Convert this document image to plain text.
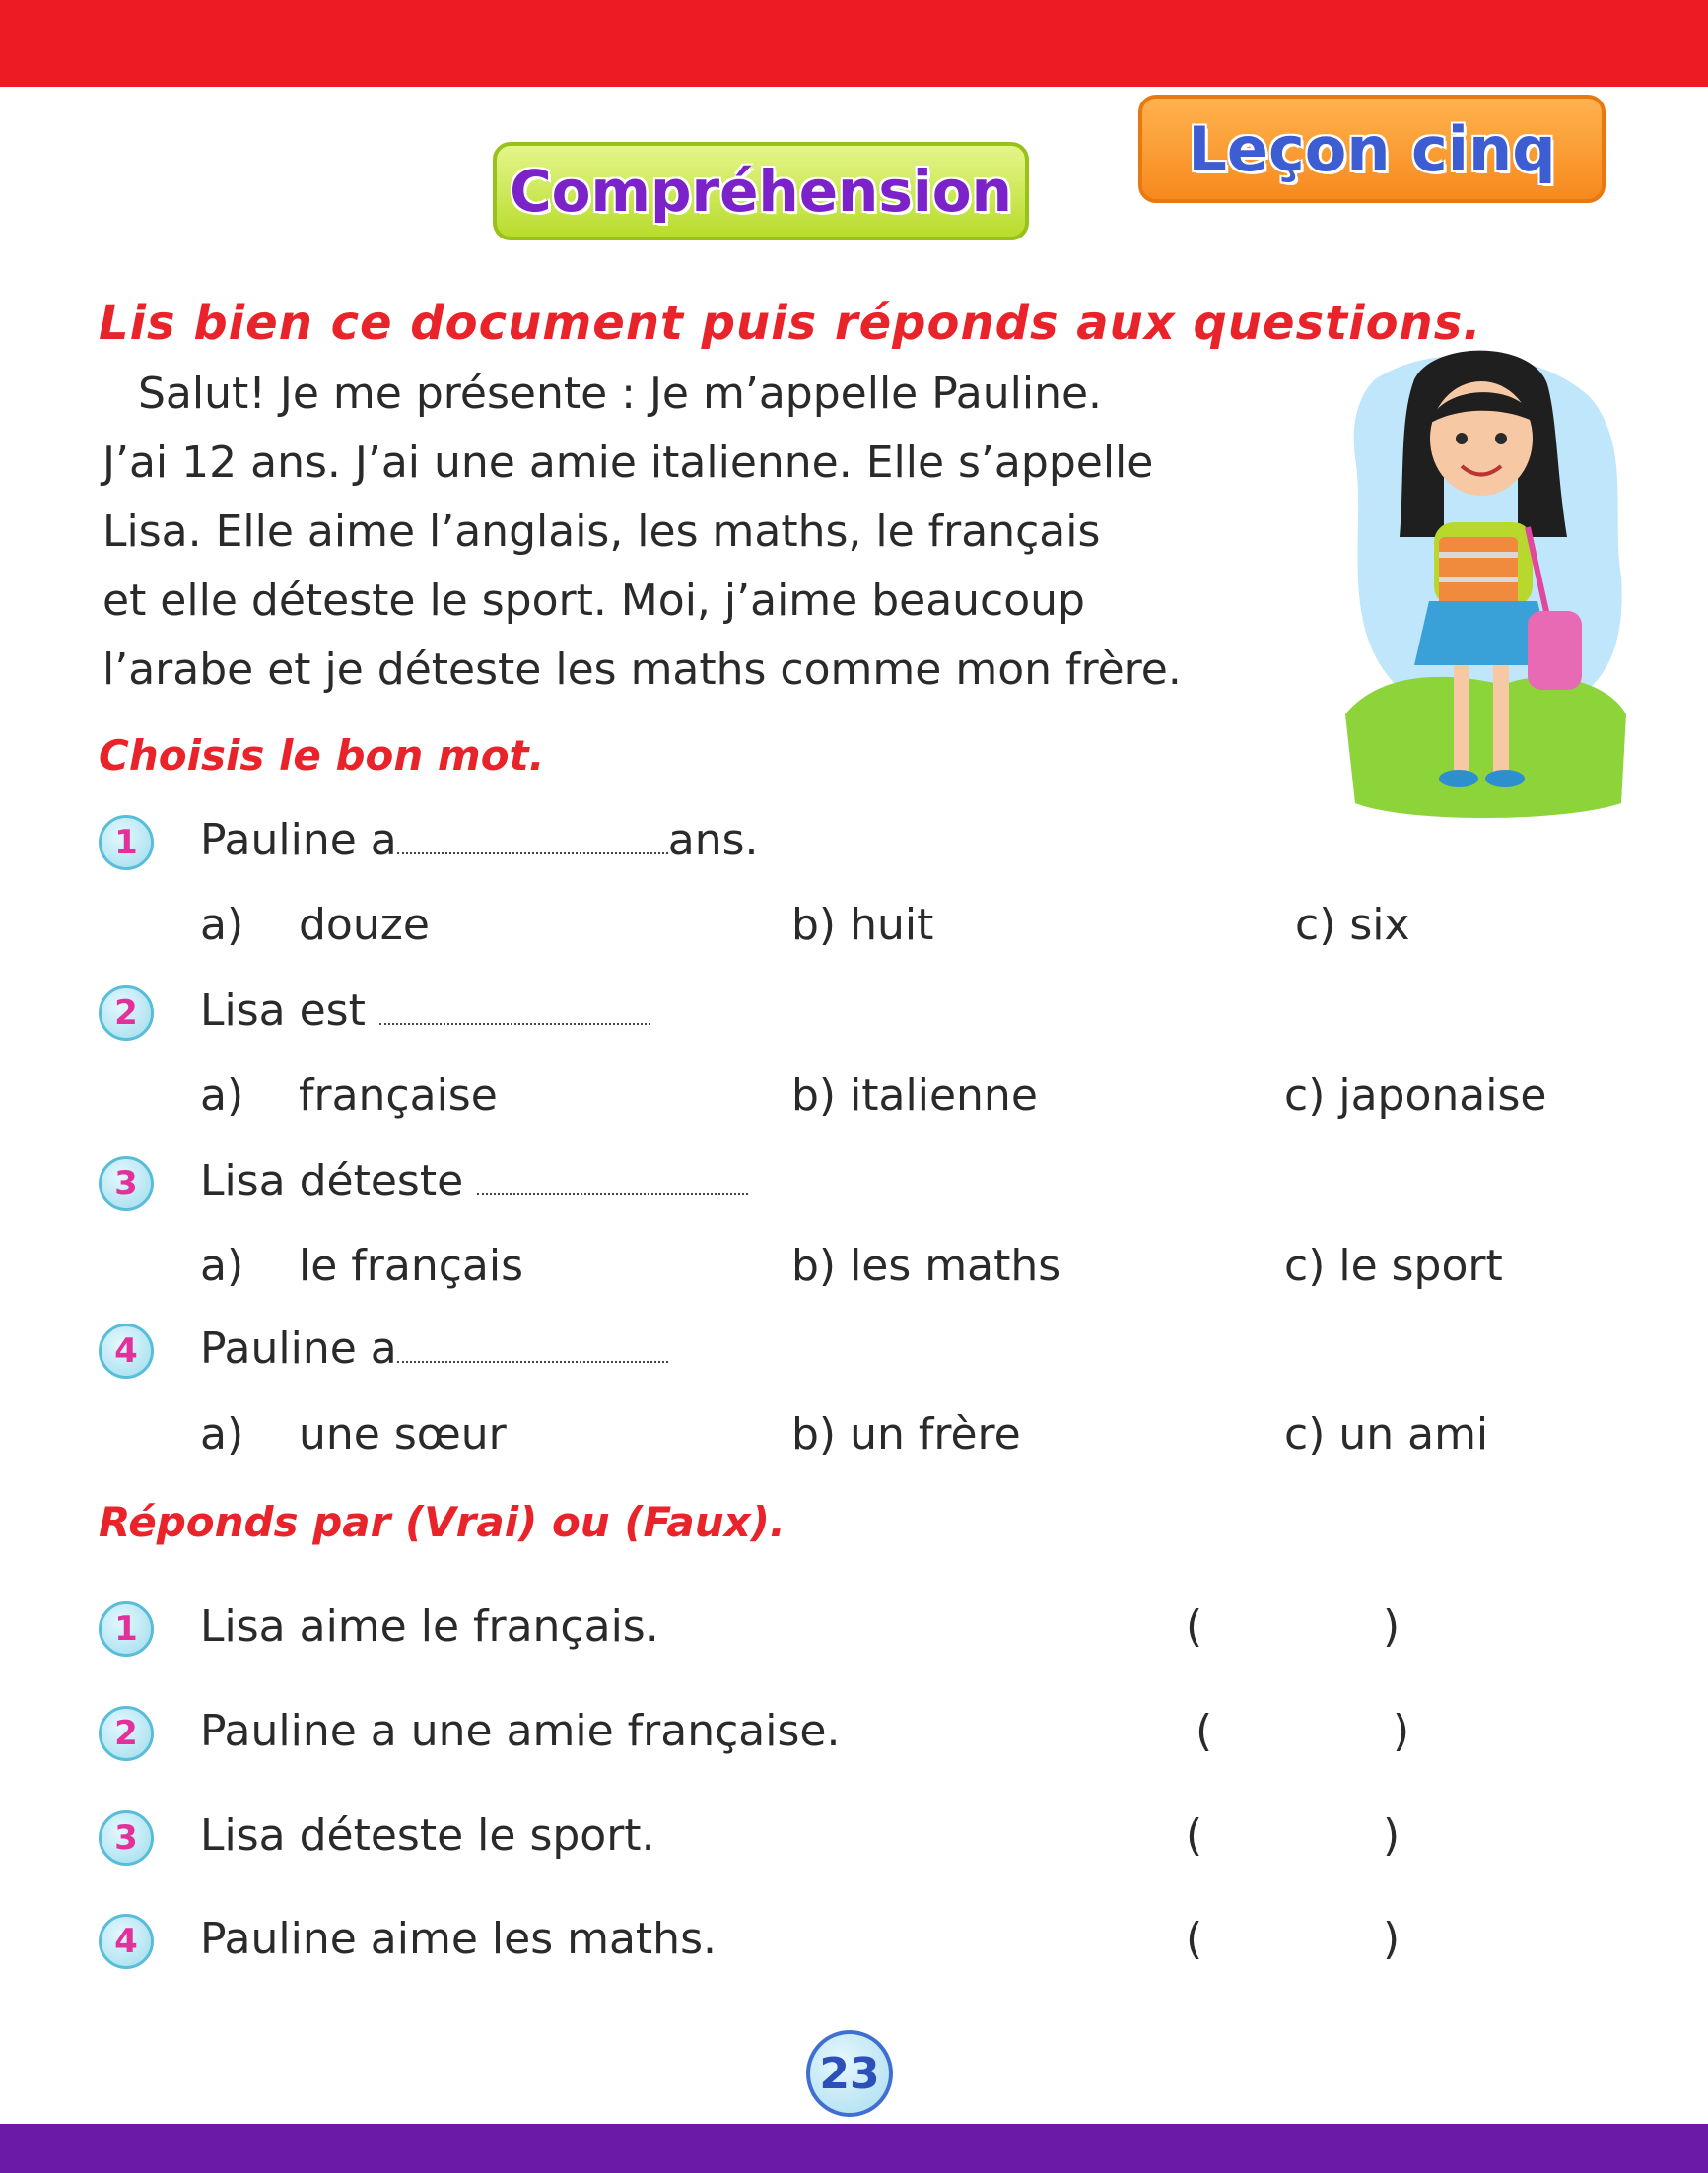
Compréhension
Leçon cinq

Lis bien ce document puis réponds aux questions.

Salut! Je me présente : Je m’appelle Pauline.

J’ai 12 ans. J’ai une amie italienne. Elle s’appelle

Lisa. Elle aime l’anglais, les maths, le français

et elle déteste le sport. Moi, j’aime beaucoup

l’arabe et je déteste les maths comme mon frère.

Choisis le bon mot.

1	Pauline a	ans.

a) douze	b) huit	c) six
2	Lisa est

a) française	b) italienne	c) japonaise
3	Lisa déteste

a) le français	b) les maths	c) le sport
4	Pauline a

a) une sœur	b) un frère	c) un ami

Réponds par (Vrai) ou (Faux).

1	Lisa aime le français.	(	)
2	Pauline a une amie française.	(	)
3	Lisa déteste le sport.	(	)
4	Pauline aime les maths.	(	)
23
